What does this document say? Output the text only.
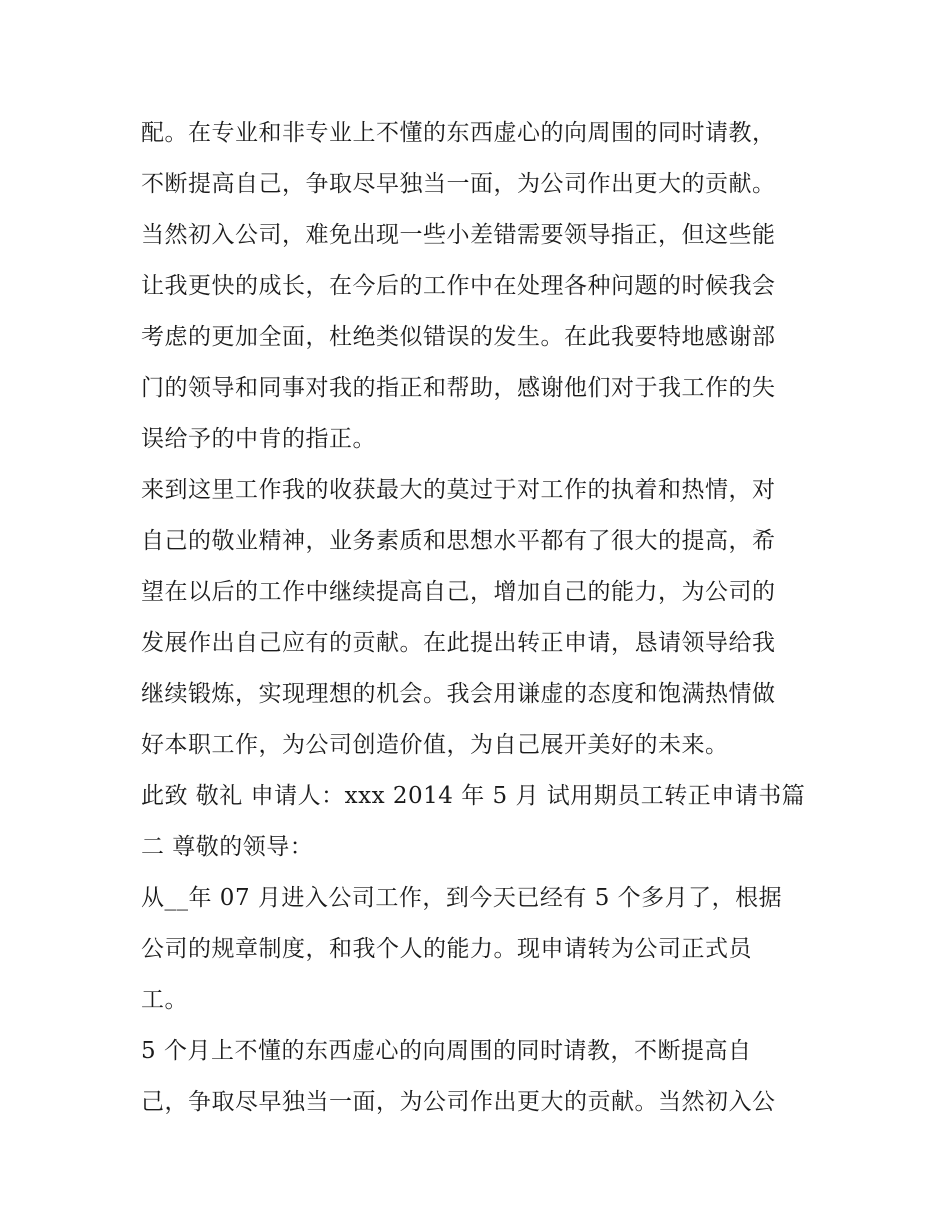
配。在专业和非专业上不懂的东西虚心的向周围的同时请教，
不断提高自己，争取尽早独当一面，为公司作出更大的贡献。
当然初入公司，难免出现一些小差错需要领导指正，但这些能
让我更快的成长，在今后的工作中在处理各种问题的时候我会
考虑的更加全面，杜绝类似错误的发生。在此我要特地感谢部
门的领导和同事对我的指正和帮助，感谢他们对于我工作的失
误给予的中肯的指正。
来到这里工作我的收获最大的莫过于对工作的执着和热情，对
自己的敬业精神，业务素质和思想水平都有了很大的提高，希
望在以后的工作中继续提高自己，增加自己的能力，为公司的
发展作出自己应有的贡献。在此提出转正申请，恳请领导给我
继续锻炼，实现理想的机会。我会用谦虚的态度和饱满热情做
好本职工作，为公司创造价值，为自己展开美好的未来。
此致 敬礼 申请人：xxx 2014 年 5 月 试用期员工转正申请书篇
二 尊敬的领导：
从__年 07 月进入公司工作，到今天已经有 5 个多月了，根据
公司的规章制度，和我个人的能力。现申请转为公司正式员
工。
5 个月上不懂的东西虚心的向周围的同时请教，不断提高自
己，争取尽早独当一面，为公司作出更大的贡献。当然初入公
